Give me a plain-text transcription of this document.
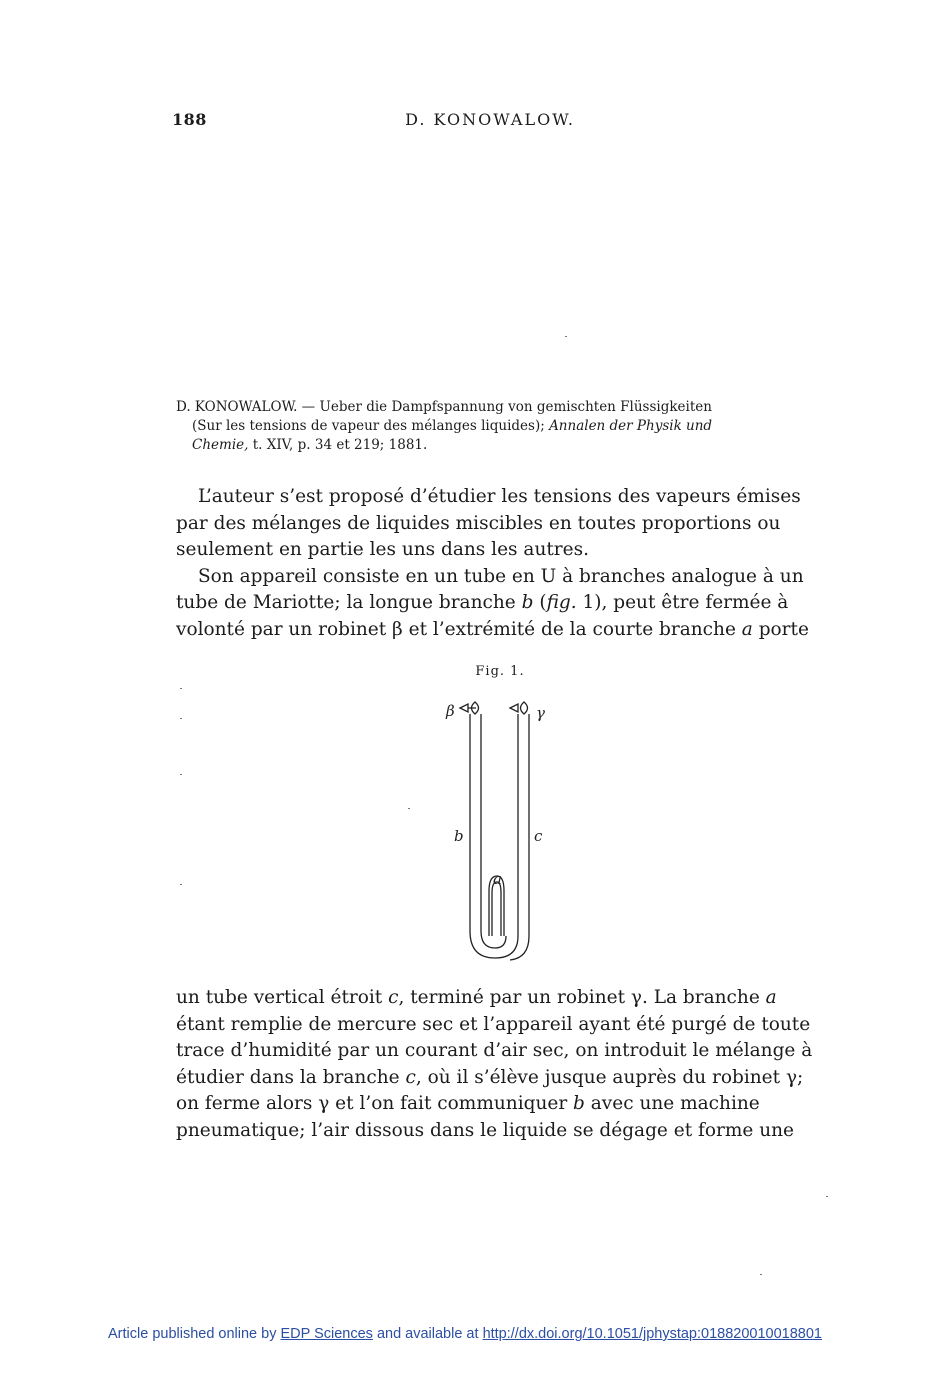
188	D. KONOWALOW.
D. KONOWALOW. — Ueber die Dampfspannung von gemischten Flüssigkeiten
(Sur les tensions de vapeur des mélanges liquides); Annalen der Physik und
Chemie, t. XIV, p. 34 et 219; 1881.
L’auteur s’est proposé d’étudier les tensions des vapeurs émises
par des mélanges de liquides miscibles en toutes proportions ou
seulement en partie les uns dans les autres.
Son appareil consiste en un tube en U à branches analogue à un
tube de Mariotte; la longue branche b (fig. 1), peut être fermée à
volonté par un robinet β et l’extrémité de la courte branche a porte
Fig. 1.
β	γ
b	c
a
un tube vertical étroit c, terminé par un robinet γ. La branche a
étant remplie de mercure sec et l’appareil ayant été purgé de toute
trace d’humidité par un courant d’air sec, on introduit le mélange à
étudier dans la branche c, où il s’élève jusque auprès du robinet γ;
on ferme alors γ et l’on fait communiquer b avec une machine
pneumatique; l’air dissous dans le liquide se dégage et forme une
Article published online by EDP Sciences and available at http://dx.doi.org/10.1051/jphystap:018820010018801
